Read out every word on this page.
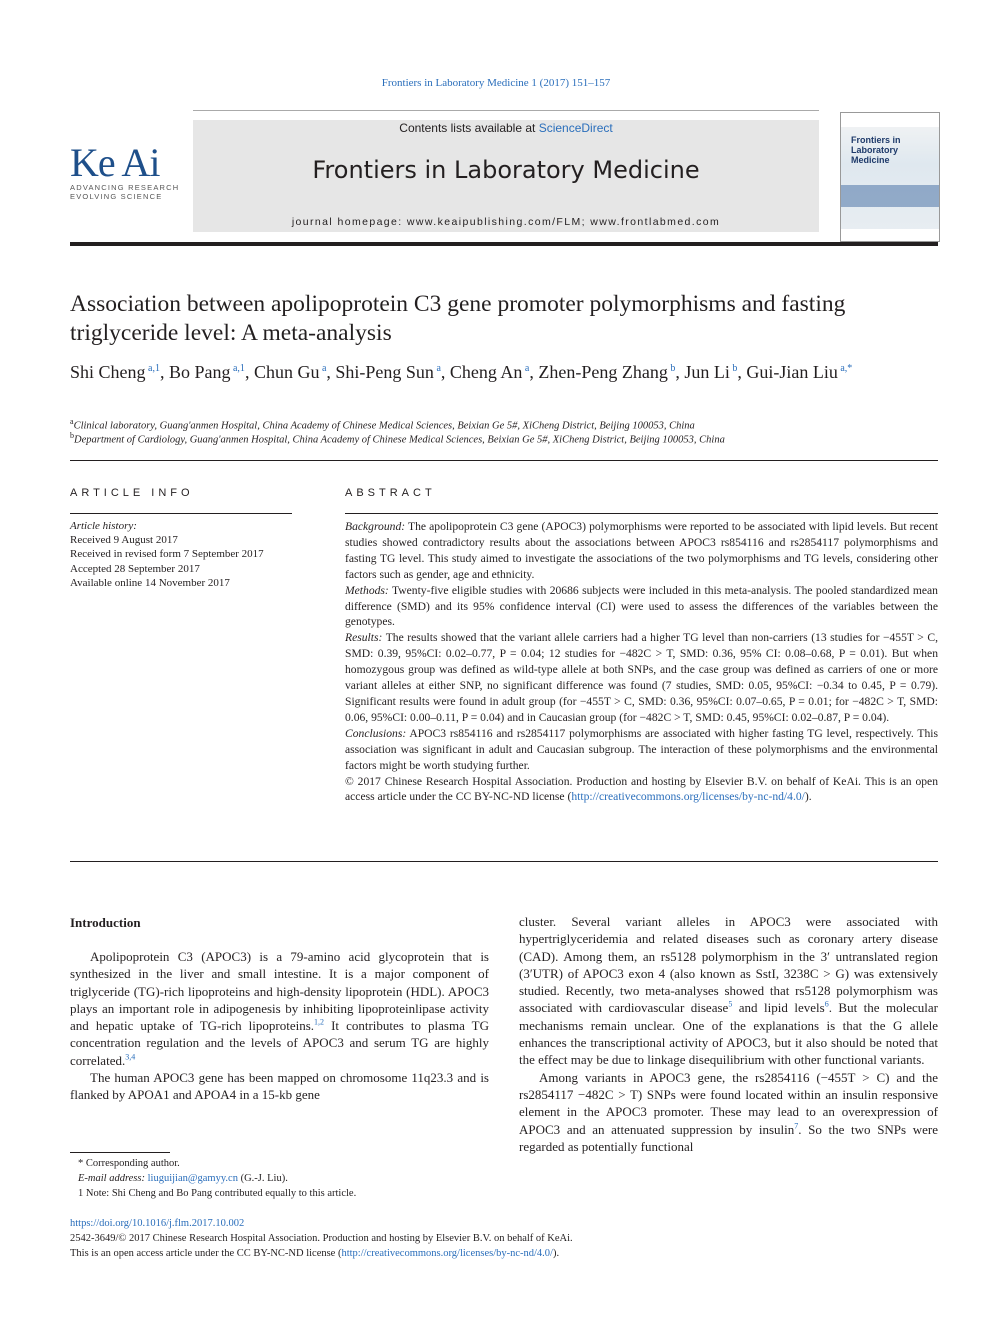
Frontiers in Laboratory Medicine 1 (2017) 151–157
Contents lists available at ScienceDirect
Frontiers in Laboratory Medicine
journal homepage: www.keaipublishing.com/FLM; www.frontlabmed.com
Ke Ai
ADVANCING RESEARCH
EVOLVING SCIENCE
Frontiers in Laboratory Medicine
Association between apolipoprotein C3 gene promoter polymorphisms and fasting triglyceride level: A meta-analysis
Shi Cheng $^{a,1}$, Bo Pang $^{a,1}$, Chun Gu $^a$, Shi-Peng Sun $^a$, Cheng An $^a$, Zhen-Peng Zhang $^b$, Jun Li $^b$, Gui-Jian Liu $^{a,*}$
$^a$Clinical laboratory, Guang'anmen Hospital, China Academy of Chinese Medical Sciences, Beixian Ge 5#, XiCheng District, Beijing 100053, China
$^b$Department of Cardiology, Guang'anmen Hospital, China Academy of Chinese Medical Sciences, Beixian Ge 5#, XiCheng District, Beijing 100053, China
ARTICLE INFO	ABSTRACT
Article history:
Received 9 August 2017
Received in revised form 7 September 2017
Accepted 28 September 2017
Available online 14 November 2017

Background: The apolipoprotein C3 gene (APOC3) polymorphisms were reported to be associated with lipid levels. But recent studies showed contradictory results about the associations between APOC3 rs854116 and rs2854117 polymorphisms and fasting TG level. This study aimed to investigate the associations of the two polymorphisms and TG levels, considering other factors such as gender, age and ethnicity.

Methods: Twenty-five eligible studies with 20686 subjects were included in this meta-analysis. The pooled standardized mean difference (SMD) and its 95% confidence interval (CI) were used to assess the differences of the variables between the genotypes.

Results: The results showed that the variant allele carriers had a higher TG level than non-carriers (13 studies for −455T > C, SMD: 0.39, 95%CI: 0.02–0.77, P = 0.04; 12 studies for −482C > T, SMD: 0.36, 95% CI: 0.08–0.68, P = 0.01). But when homozygous group was defined as wild-type allele at both SNPs, and the case group was defined as carriers of one or more variant alleles at either SNP, no significant difference was found (7 studies, SMD: 0.05, 95%CI: −0.34 to 0.45, P = 0.79). Significant results were found in adult group (for −455T > C, SMD: 0.36, 95%CI: 0.07–0.65, P = 0.01; for −482C > T, SMD: 0.06, 95%CI: 0.00–0.11, P = 0.04) and in Caucasian group (for −482C > T, SMD: 0.45, 95%CI: 0.02–0.87, P = 0.04).

Conclusions: APOC3 rs854116 and rs2854117 polymorphisms are associated with higher fasting TG level, respectively. This association was significant in adult and Caucasian subgroup. The interaction of these polymorphisms and the environmental factors might be worth studying further.

© 2017 Chinese Research Hospital Association. Production and hosting by Elsevier B.V. on behalf of KeAi. This is an open access article under the CC BY-NC-ND license (http://creativecommons.org/licenses/by-nc-nd/4.0/).

Introduction

Apolipoprotein C3 (APOC3) is a 79-amino acid glycoprotein that is synthesized in the liver and small intestine. It is a major component of triglyceride (TG)-rich lipoproteins and high-density lipoprotein (HDL). APOC3 plays an important role in adipogenesis by inhibiting lipoproteinlipase activity and hepatic uptake of TG-rich lipoproteins.$^{1,2}$ It contributes to plasma TG concentration regulation and the levels of APOC3 and serum TG are highly correlated.$^{3,4}$

The human APOC3 gene has been mapped on chromosome 11q23.3 and is flanked by APOA1 and APOA4 in a 15-kb gene

cluster. Several variant alleles in APOC3 were associated with hypertriglyceridemia and related diseases such as coronary artery disease (CAD). Among them, an rs5128 polymorphism in the 3′ untranslated region (3′UTR) of APOC3 exon 4 (also known as SstI, 3238C > G) was extensively studied. Recently, two meta-analyses showed that rs5128 polymorphism was associated with cardiovascular disease$^5$ and lipid levels$^6$. But the molecular mechanisms remain unclear. One of the explanations is that the G allele enhances the transcriptional activity of APOC3, but it also should be noted that the effect may be due to linkage disequilibrium with other functional variants.

Among variants in APOC3 gene, the rs2854116 (−455T > C) and the rs2854117 −482C > T) SNPs were found located within an insulin responsive element in the APOC3 promoter. These may lead to an overexpression of APOC3 and an attenuated suppression by insulin$^7$. So the two SNPs were regarded as potentially functional

* Corresponding author.
E-mail address: liuguijian@gamyy.cn (G.-J. Liu).
1 Note: Shi Cheng and Bo Pang contributed equally to this article.
https://doi.org/10.1016/j.flm.2017.10.002
2542-3649/© 2017 Chinese Research Hospital Association. Production and hosting by Elsevier B.V. on behalf of KeAi.
This is an open access article under the CC BY-NC-ND license (http://creativecommons.org/licenses/by-nc-nd/4.0/).
